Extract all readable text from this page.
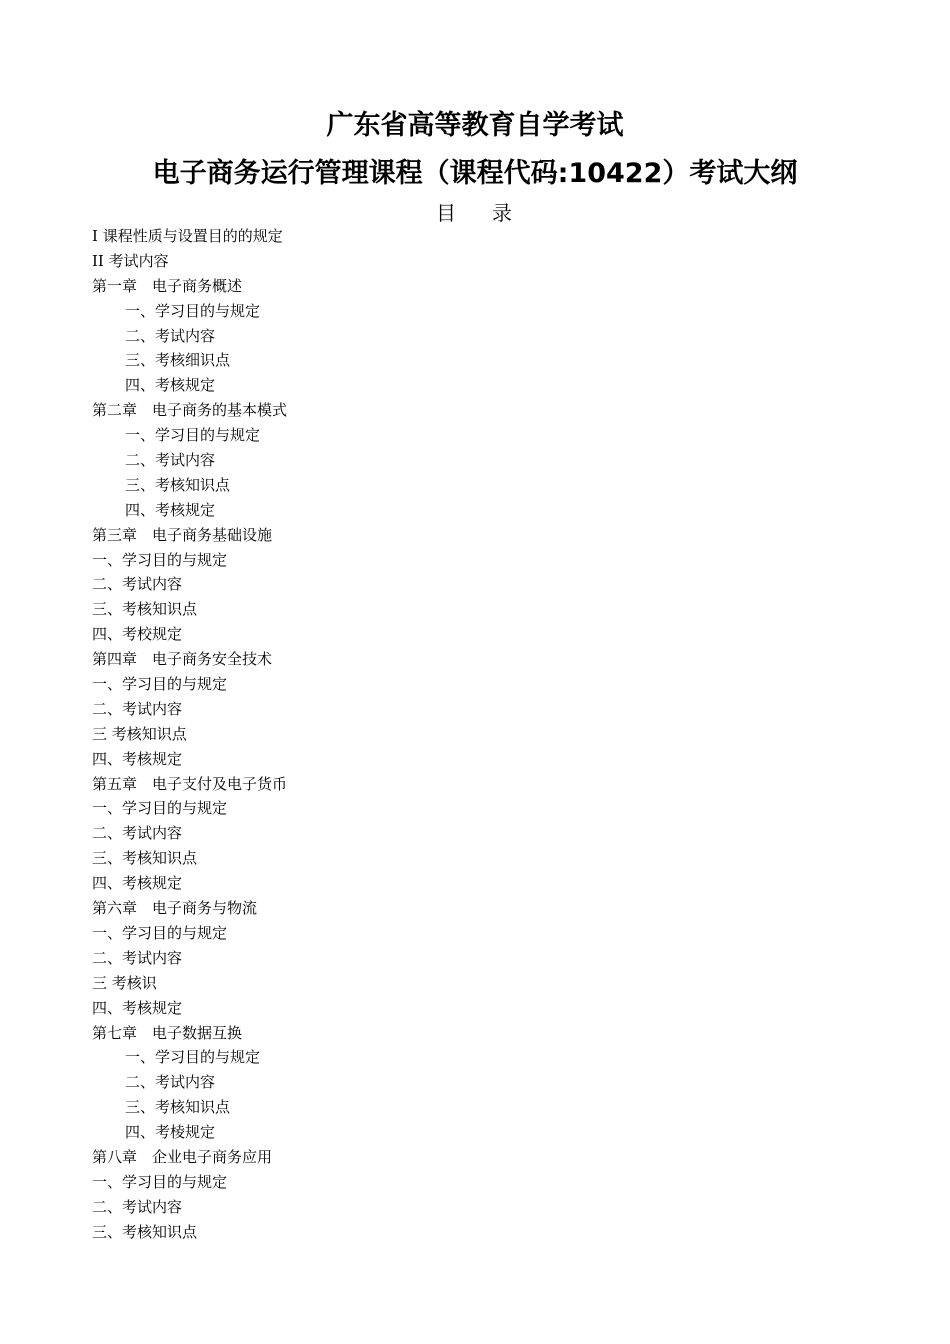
广东省高等教育自学考试
电子商务运行管理课程（课程代码:10422）考试大纲
目 录
I 课程性质与设置目的的规定
II 考试内容
第一章　电子商务概述
一、学习目的与规定
二、考试内容
三、考核细识点
四、考核规定
第二章　电子商务的基本模式
一、学习目的与规定
二、考试内容
三、考核知识点
四、考核规定
第三章　电子商务基础设施
一、学习目的与规定
二、考试内容
三、考核知识点
四、考校规定
第四章　电子商务安全技术
一、学习目的与规定
二、考试内容
三 考核知识点
四、考核规定
第五章　电子支付及电子货币
一、学习目的与规定
二、考试内容
三、考核知识点
四、考核规定
第六章　电子商务与物流
一、学习目的与规定
二、考试内容
三 考核识
四、考核规定
第七章　电子数据互换
一、学习目的与规定
二、考试内容
三、考核知识点
四、考棱规定
第八章　企业电子商务应用
一、学习目的与规定
二、考试内容
三、考核知识点
